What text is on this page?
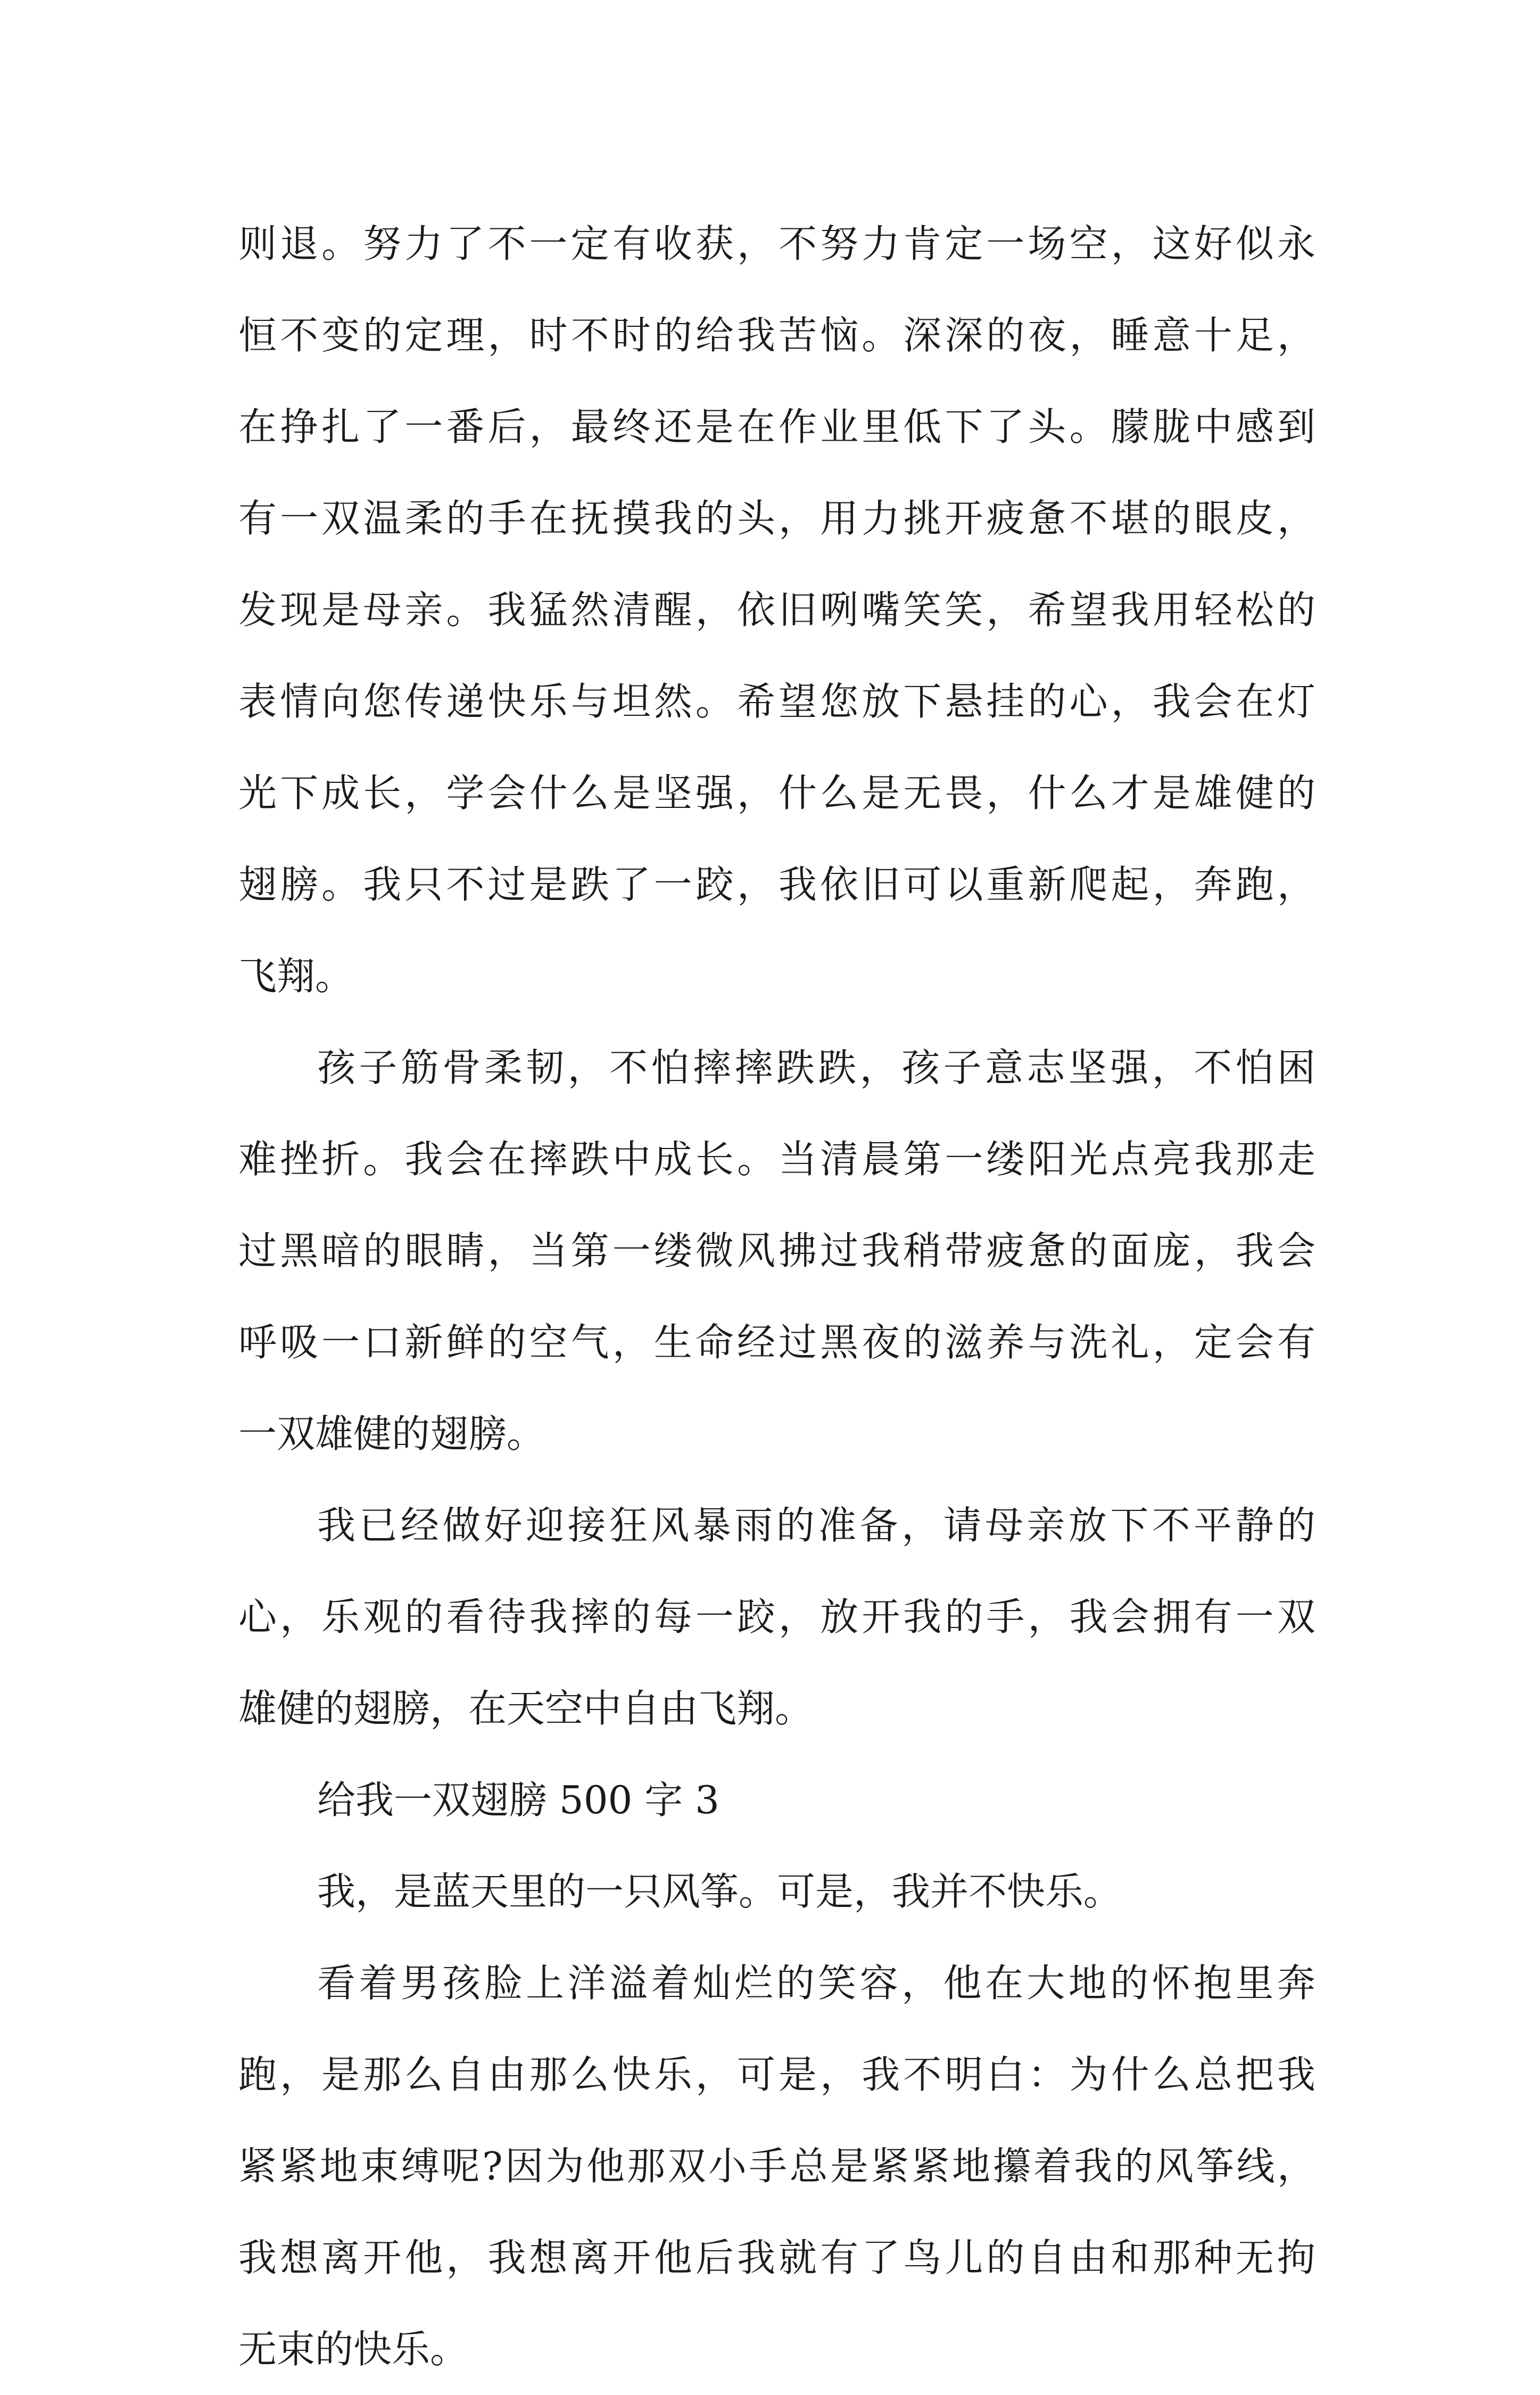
则退。努力了不一定有收获，不努力肯定一场空，这好似永
恒不变的定理，时不时的给我苦恼。深深的夜，睡意十足，
在挣扎了一番后，最终还是在作业里低下了头。朦胧中感到
有一双温柔的手在抚摸我的头，用力挑开疲惫不堪的眼皮，
发现是母亲。我猛然清醒，依旧咧嘴笑笑，希望我用轻松的
表情向您传递快乐与坦然。希望您放下悬挂的心，我会在灯
光下成长，学会什么是坚强，什么是无畏，什么才是雄健的
翅膀。我只不过是跌了一跤，我依旧可以重新爬起，奔跑，
飞翔。
孩子筋骨柔韧，不怕摔摔跌跌，孩子意志坚强，不怕困
难挫折。我会在摔跌中成长。当清晨第一缕阳光点亮我那走
过黑暗的眼睛，当第一缕微风拂过我稍带疲惫的面庞，我会
呼吸一口新鲜的空气，生命经过黑夜的滋养与洗礼，定会有
一双雄健的翅膀。
我已经做好迎接狂风暴雨的准备，请母亲放下不平静的
心，乐观的看待我摔的每一跤，放开我的手，我会拥有一双
雄健的翅膀，在天空中自由飞翔。
给我一双翅膀 500 字 3
我，是蓝天里的一只风筝。可是，我并不快乐。
看着男孩脸上洋溢着灿烂的笑容，他在大地的怀抱里奔
跑，是那么自由那么快乐，可是，我不明白：为什么总把我
紧紧地束缚呢?因为他那双小手总是紧紧地攥着我的风筝线，
我想离开他，我想离开他后我就有了鸟儿的自由和那种无拘
无束的快乐。
